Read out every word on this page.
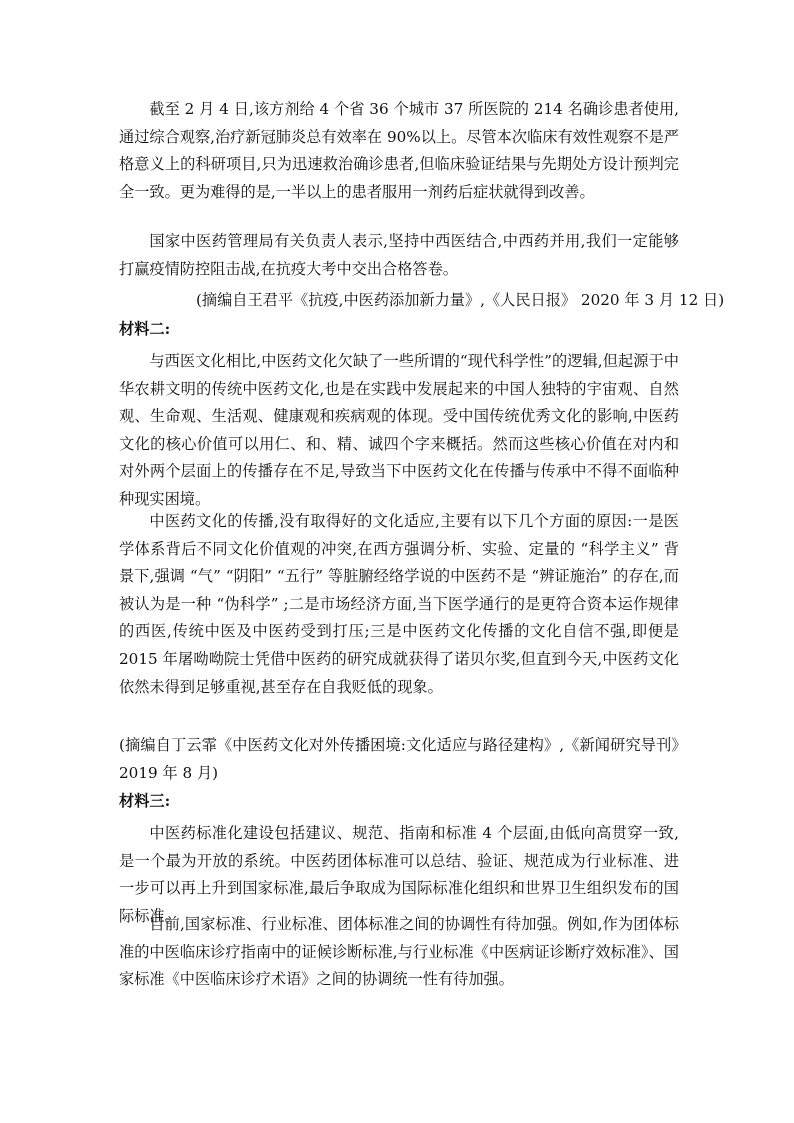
截至 2 月 4 日,该方剂给 4 个省 36 个城市 37 所医院的 214 名确诊患者使用,通过综合观察,治疗新冠肺炎总有效率在 90%以上。尽管本次临床有效性观察不是严格意义上的科研项目,只为迅速救治确诊患者,但临床验证结果与先期处方设计预判完全一致。更为难得的是,一半以上的患者服用一剂药后症状就得到改善。

国家中医药管理局有关负责人表示,坚持中西医结合,中西药并用,我们一定能够打赢疫情防控阻击战,在抗疫大考中交出合格答卷。

(摘编自王君平《抗疫,中医药添加新力量》,《人民日报》 2020 年 3 月 12 日)

材料二:

与西医文化相比,中医药文化欠缺了一些所谓的“现代科学性”的逻辑,但起源于中华农耕文明的传统中医药文化,也是在实践中发展起来的中国人独特的宇宙观、自然观、生命观、生活观、健康观和疾病观的体现。受中国传统优秀文化的影响,中医药文化的核心价值可以用仁、和、精、诚四个字来概括。然而这些核心价值在对内和对外两个层面上的传播存在不足,导致当下中医药文化在传播与传承中不得不面临种种现实困境。

中医药文化的传播,没有取得好的文化适应,主要有以下几个方面的原因:一是医学体系背后不同文化价值观的冲突,在西方强调分析、实验、定量的 “科学主义” 背景下,强调 “气” “阴阳” “五行” 等脏腑经络学说的中医药不是 “辨证施治” 的存在,而被认为是一种 “伪科学” ;二是市场经济方面,当下医学通行的是更符合资本运作规律的西医,传统中医及中医药受到打压;三是中医药文化传播的文化自信不强,即便是 2015 年屠呦呦院士凭借中医药的研究成就获得了诺贝尔奖,但直到今天,中医药文化依然未得到足够重视,甚至存在自我贬低的现象。

(摘编自丁云霏《中医药文化对外传播困境:文化适应与路径建构》,《新闻研究导刊》2019 年 8 月)

材料三:

中医药标准化建设包括建议、规范、指南和标准 4 个层面,由低向高贯穿一致,是一个最为开放的系统。中医药团体标准可以总结、验证、规范成为行业标准、进一步可以再上升到国家标准,最后争取成为国际标准化组织和世界卫生组织发布的国际标准。

目前,国家标准、行业标准、团体标准之间的协调性有待加强。例如,作为团体标准的中医临床诊疗指南中的证候诊断标准,与行业标准《中医病证诊断疗效标准》、国家标准《中医临床诊疗术语》之间的协调统一性有待加强。
